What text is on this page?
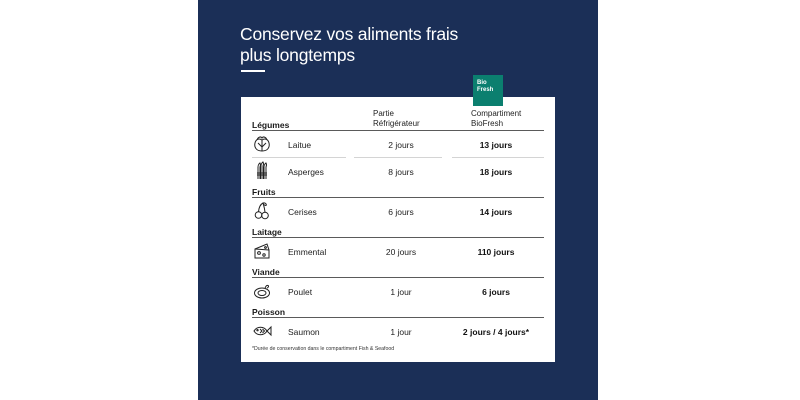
Conservez vos aliments frais
plus longtemps
Partie
Réfrigérateur
Compartiment
BioFresh
Légumes
Laitue	2 jours	13 jours
Asperges	8 jours	18 jours
Fruits
Cerises	6 jours	14 jours
Laitage
Emmental	20 jours	110 jours
Viande
Poulet	1 jour	6 jours
Poisson
Saumon	1 jour	2 jours / 4 jours*
*Durée de conservation dans le compartiment Fish & Seafood
Bio
Fresh
